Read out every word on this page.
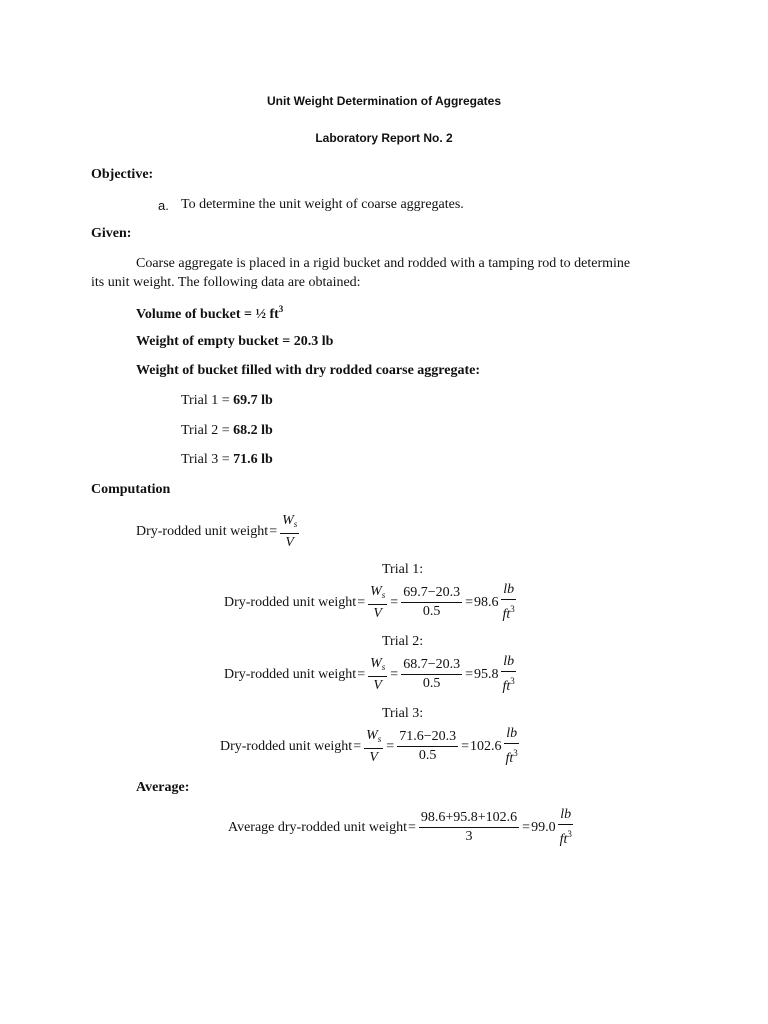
Unit Weight Determination of Aggregates
Laboratory Report No. 2
Objective:
a. To determine the unit weight of coarse aggregates.
Given:
Coarse aggregate is placed in a rigid bucket and rodded with a tamping rod to determine
its unit weight. The following data are obtained:
Volume of bucket = ½ $ft^3$
Weight of empty bucket = 20.3 lb
Weight of bucket filled with dry rodded coarse aggregate:
Trial 1 = 69.7 lb
Trial 2 = 68.2 lb
Trial 3 = 71.6 lb
Computation
Dry-rodded unit weight = $\frac{W_s}{V}$
Trial 1:
Dry-rodded unit weight = $\frac{W_s}{V} = \frac{69.7-20.3}{0.5} = 98.6 \frac{lb}{ft^3}$
Trial 2:
Dry-rodded unit weight = $\frac{W_s}{V} = \frac{68.7-20.3}{0.5} = 95.8 \frac{lb}{ft^3}$
Trial 3:
Dry-rodded unit weight = $\frac{W_s}{V} = \frac{71.6-20.3}{0.5} = 102.6 \frac{lb}{ft^3}$
Average:
Average dry-rodded unit weight = $\frac{98.6+95.8+102.6}{3} = 99.0 \frac{lb}{ft^3}$
